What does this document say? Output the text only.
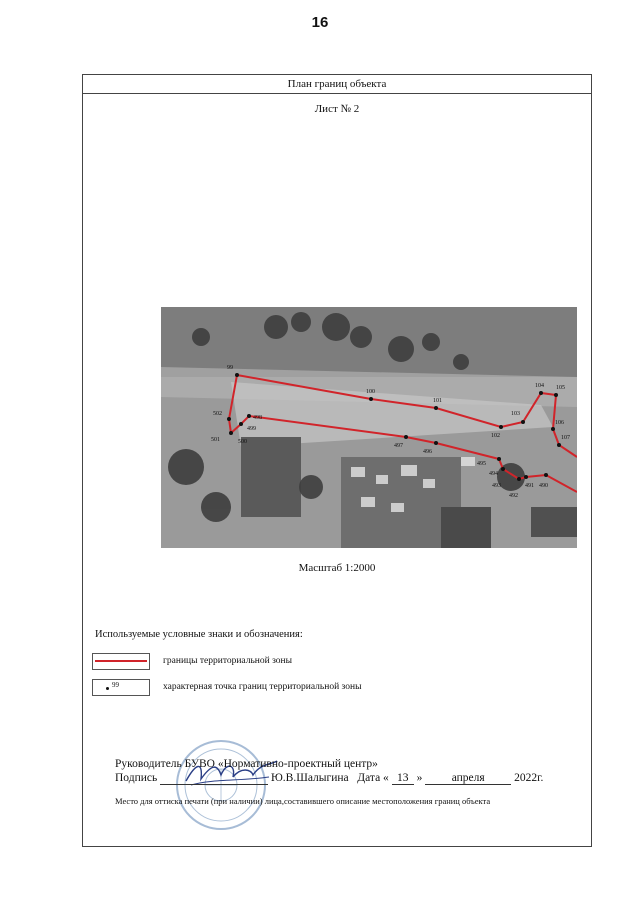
16
План границ объекта
Лист № 2
99
100
101
102
103
104 105
106
107
490
491
492
493
494
495
496
497
498
499
500
501
502
Масштаб 1:2000
Используемые условные знаки и обозначения:
границы территориальной зоны
99	характерная точка границ территориальной зоны
Руководитель БУВО «Нормативно-проектный центр»
Подпись	Ю.В.Шалыгина Дата « 13 »	апреля	2022г.
Место для оттиска печати (при наличии) лица,составившего описание местоположения границ объекта
